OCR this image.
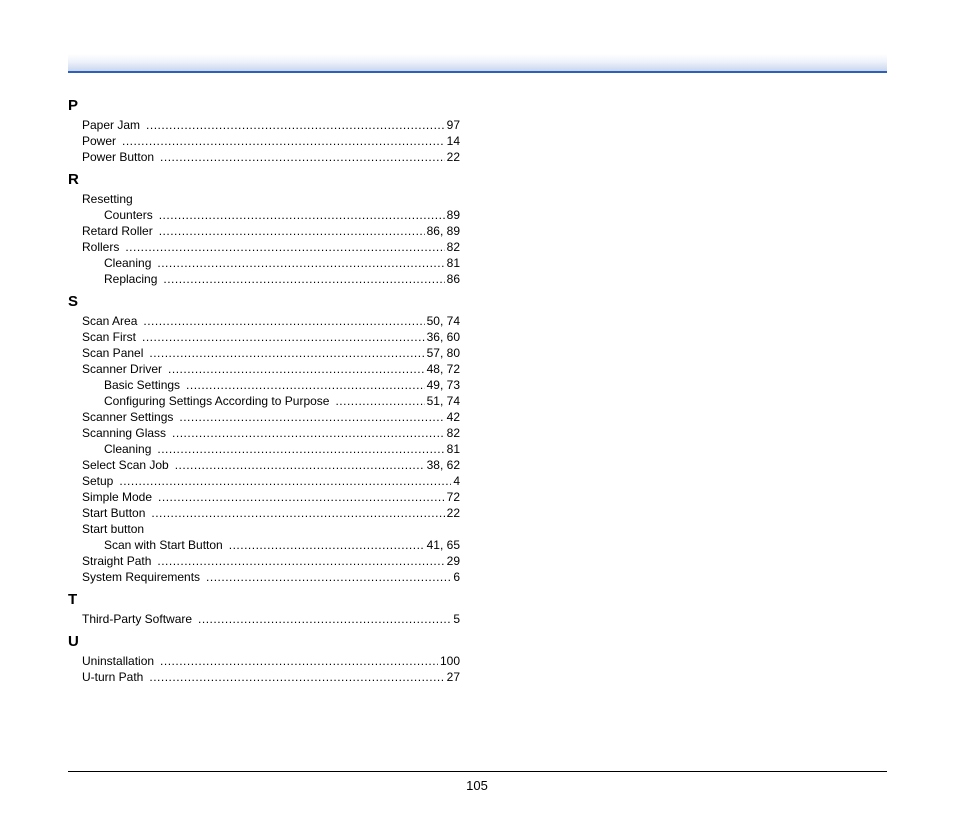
P
Paper Jam .....	97
Power .....	14
Power Button .....	22
R
Resetting
Counters .....	89
Retard Roller .....	86, 89
Rollers .....	82
Cleaning .....	81
Replacing .....	86
S
Scan Area .....	50, 74
Scan First .....	36, 60
Scan Panel .....	57, 80
Scanner Driver .....	48, 72
Basic Settings .....	49, 73
Configuring Settings According to Purpose .....	51, 74
Scanner Settings .....	42
Scanning Glass .....	82
Cleaning .....	81
Select Scan Job .....	38, 62
Setup .....	4
Simple Mode .....	72
Start Button .....	22
Start button
Scan with Start Button .....	41, 65
Straight Path .....	29
System Requirements .....	6
T
Third-Party Software .....	5
U
Uninstallation .....	100
U-turn Path .....	27
105
